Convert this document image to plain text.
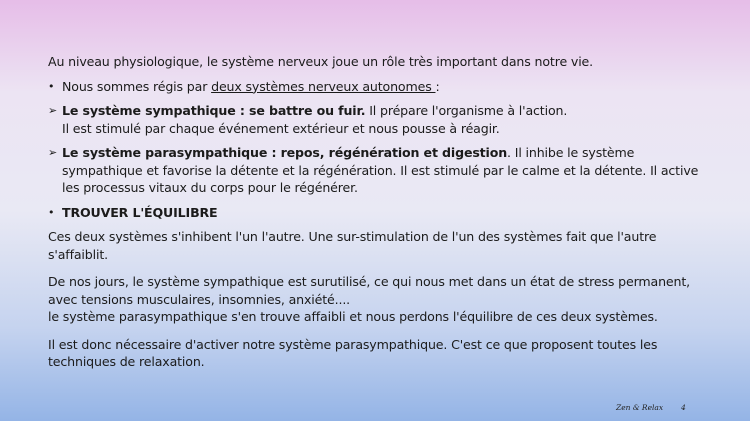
Au niveau physiologique, le système nerveux joue un rôle très important dans notre vie.

• Nous sommes régis par deux systèmes nerveux autonomes :
➢ Le système sympathique : se battre ou fuir. Il prépare l'organisme à l'action.
Il est stimulé par chaque événement extérieur et nous pousse à réagir.
➢ Le système parasympathique : repos, régénération et digestion. Il inhibe le système sympathique et favorise la détente et la régénération. Il est stimulé par le calme et la détente. Il active les processus vitaux du corps pour le régénérer.
• TROUVER L'ÉQUILIBRE

Ces deux systèmes s'inhibent l'un l'autre. Une sur-stimulation de l'un des systèmes fait que l'autre s'affaiblit.

De nos jours, le système sympathique est surutilisé, ce qui nous met dans un état de stress permanent, avec tensions musculaires, insomnies, anxiété....
le système parasympathique s'en trouve affaibli et nous perdons l'équilibre de ces deux systèmes.

Il est donc nécessaire d'activer notre système parasympathique. C'est ce que proposent toutes les techniques de relaxation.

Zen & Relax 4
